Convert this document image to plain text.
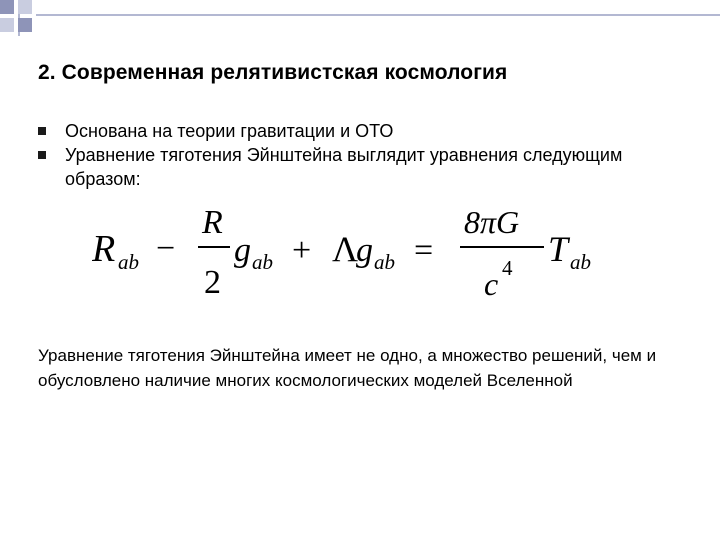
2. Современная релятивистская космология
Основана на теории гравитации и ОТО
Уравнение тяготения Эйнштейна выглядит уравнения следующим образом:
R ab −
R
2
g ab + Λ
g ab =
8πG
c 4 T ab
Уравнение тяготения Эйнштейна имеет не одно, а множество решений, чем и обусловлено наличие многих космологических моделей Вселенной
